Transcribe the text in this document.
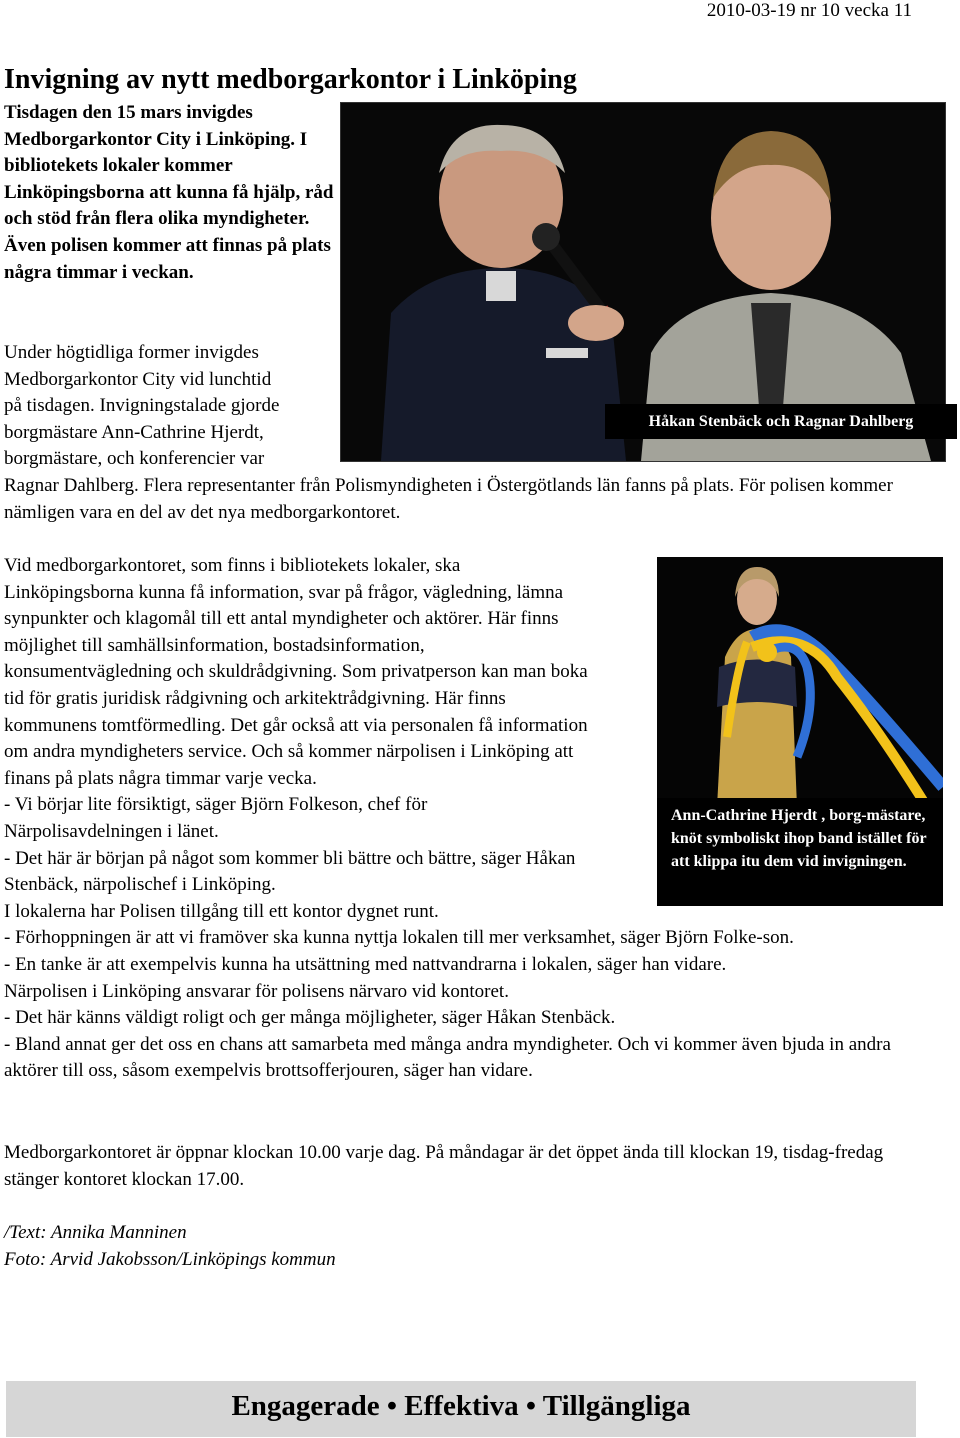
2010-03-19 nr 10 vecka 11
Invigning av nytt medborgarkontor i Linköping

Tisdagen den 15 mars invigdes Medborgarkontor City i Linköping. I bibliotekets lokaler kommer Linköpingsborna att kunna få hjälp, råd och stöd från flera olika myndigheter. Även polisen kommer att finnas på plats några timmar i veckan.

Håkan Stenbäck och Ragnar Dahlberg
Ann-Cathrine Hjerdt , borg-mästare, knöt symboliskt ihop band istället för att klippa itu dem vid invigningen.
Under högtidliga former invigdes Medborgarkontor City vid lunchtid på tisdagen. Invigningstalade gjorde borgmästare Ann-Cathrine Hjerdt, borgmästare, och konferencier var Ragnar Dahlberg. Flera representanter från Polismyndigheten i Östergötlands län fanns på plats. För polisen kommer nämligen vara en del av det nya medborgarkontoret.
Vid medborgarkontoret, som finns i bibliotekets lokaler, ska Linköpingsborna kunna få information, svar på frågor, vägledning, lämna synpunkter och klagomål till ett antal myndigheter och aktörer. Här finns möjlighet till samhällsinformation, bostadsinformation, konsumentvägledning och skuldrådgivning. Som privatperson kan man boka tid för gratis juridisk rådgivning och arkitektrådgivning. Här finns kommunens tomtförmedling. Det går också att via personalen få information om andra myndigheters service. Och så kommer närpolisen i Linköping att finans på plats några timmar varje vecka.
- Vi börjar lite försiktigt, säger Björn Folkeson, chef för Närpolisavdelningen i länet.
- Det här är början på något som kommer bli bättre och bättre, säger Håkan Stenbäck, närpolischef i Linköping.
I lokalerna har Polisen tillgång till ett kontor dygnet runt.
- Förhoppningen är att vi framöver ska kunna nyttja lokalen till mer verksamhet, säger Björn Folke-son.
- En tanke är att exempelvis kunna ha utsättning med nattvandrarna i lokalen, säger han vidare.
Närpolisen i Linköping ansvarar för polisens närvaro vid kontoret.
- Det här känns väldigt roligt och ger många möjligheter, säger Håkan Stenbäck.
- Bland annat ger det oss en chans att samarbeta med många andra myndigheter. Och vi kommer även bjuda in andra aktörer till oss, såsom exempelvis brottsofferjouren, säger han vidare.

Medborgarkontoret är öppnar klockan 10.00 varje dag. På måndagar är det öppet ända till klockan 19, tisdag-fredag stänger kontoret klockan 17.00.

/Text: Annika Manninen
Foto: Arvid Jakobsson/Linköpings kommun
Engagerade • Effektiva • Tillgängliga
